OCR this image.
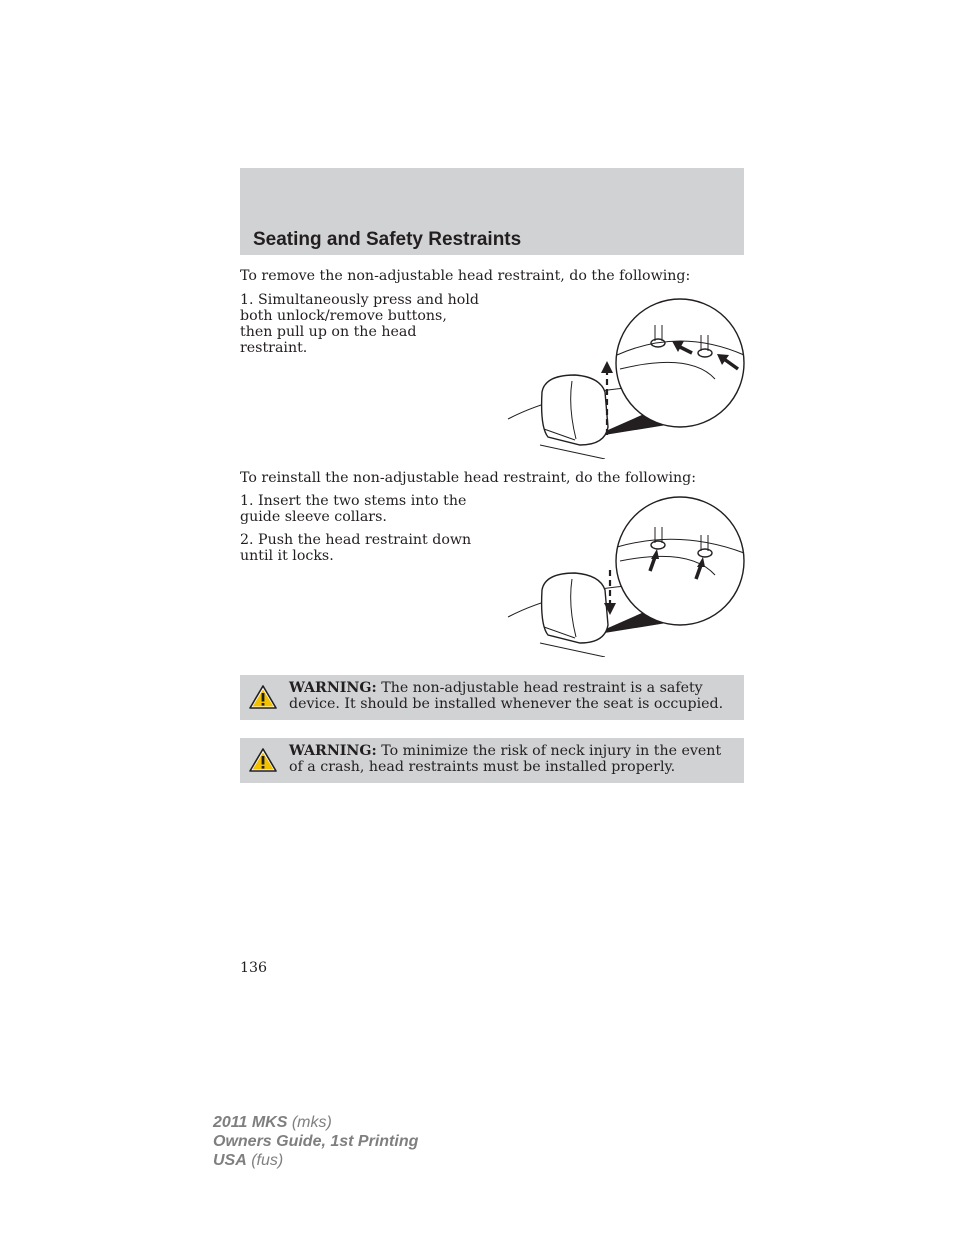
Seating and Safety Restraints

To remove the non-adjustable head restraint, do the following:

1. Simultaneously press and hold both unlock/remove buttons, then pull up on the head restraint.

To reinstall the non-adjustable head restraint, do the following:

1. Insert the two stems into the guide sleeve collars.

2. Push the head restraint down until it locks.

WARNING: The non-adjustable head restraint is a safety device. It should be installed whenever the seat is occupied.

WARNING: To minimize the risk of neck injury in the event of a crash, head restraints must be installed properly.

136

2011 MKS (mks)
Owners Guide, 1st Printing
USA (fus)
